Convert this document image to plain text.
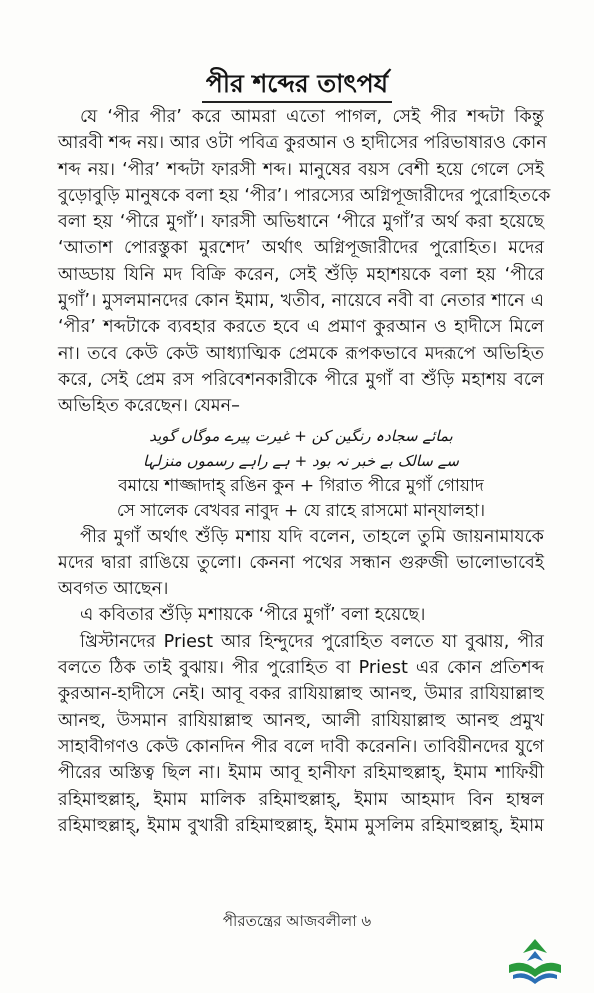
পীর শব্দের তাৎপর্য
যে ‘পীর পীর’ করে আমরা এতো পাগল, সেই পীর শব্দটা কিন্তু
আরবী শব্দ নয়। আর ওটা পবিত্র কুরআন ও হাদীসের পরিভাষারও কোন
শব্দ নয়। ‘পীর’ শব্দটা ফারসী শব্দ। মানুষের বয়স বেশী হয়ে গেলে সেই
বুড়োবুড়ি মানুষকে বলা হয় ‘পীর’। পারস্যের অগ্নিপূজারীদের পুরোহিতকে
বলা হয় ‘পীরে মুগাঁ’। ফারসী অভিধানে ‘পীরে মুগাঁ’র অর্থ করা হয়েছে
‘আতাশ পোরস্তুকা মুরশেদ’ অর্থাৎ অগ্নিপূজারীদের পুরোহিত। মদের
আড্ডায় যিনি মদ বিক্রি করেন, সেই শুঁড়ি মহাশয়কে বলা হয় ‘পীরে
মুগাঁ’। মুসলমানদের কোন ইমাম, খতীব, নায়েবে নবী বা নেতার শানে এ
‘পীর’ শব্দটাকে ব্যবহার করতে হবে এ প্রমাণ কুরআন ও হাদীসে মিলে
না। তবে কেউ কেউ আধ্যাত্মিক প্রেমকে রূপকভাবে মদরূপে অভিহিত
করে, সেই প্রেম রস পরিবেশনকারীকে পীরে মুগাঁ বা শুঁড়ি মহাশয় বলে
অভিহিত করেছেন। যেমন–
بمائے سجادہ رنگین کن + غیرت پیرے موگاں گوید
سے سالک بے خبر نہ بود + ہے راہے رسموں منزلہا
বমায়ে শাজ্জাদাহ্‌ রঙিন কুন + গিরাত পীরে মুগাঁ গোয়াদ
সে সালেক বেখবর নাবুদ + যে রাহে রাসমো মান্‌যালহা।
পীর মুগাঁ অর্থাৎ শুঁড়ি মশায় যদি বলেন, তাহলে তুমি জায়নামাযকে
মদের দ্বারা রাঙিয়ে তুলো। কেননা পথের সন্ধান গুরুজী ভালোভাবেই
অবগত আছেন।
এ কবিতার শুঁড়ি মশায়কে ‘পীরে মুগাঁ’ বলা হয়েছে।
খ্রিস্টানদের Priest আর হিন্দুদের পুরোহিত বলতে যা বুঝায়, পীর
বলতে ঠিক তাই বুঝায়। পীর পুরোহিত বা Priest এর কোন প্রতিশব্দ
কুরআন-হাদীসে নেই। আবূ বকর রাযিয়াল্লাহু আনহু, উমার রাযিয়াল্লাহু
আনহু, উসমান রাযিয়াল্লাহু আনহু, আলী রাযিয়াল্লাহু আনহু প্রমুখ
সাহাবীগণও কেউ কোনদিন পীর বলে দাবী করেননি। তাবিয়ীনদের যুগে
পীরের অস্তিত্ব ছিল না। ইমাম আবূ হানীফা রহিমাহুল্লাহ্‌, ইমাম শাফিয়ী
রহিমাহুল্লাহ্‌, ইমাম মালিক রহিমাহুল্লাহ্‌, ইমাম আহমাদ বিন হাম্বল
রহিমাহুল্লাহ্‌, ইমাম বুখারী রহিমাহুল্লাহ্‌, ইমাম মুসলিম রহিমাহুল্লাহ্‌, ইমাম
পীরতন্ত্রের আজবলীলা ৬
